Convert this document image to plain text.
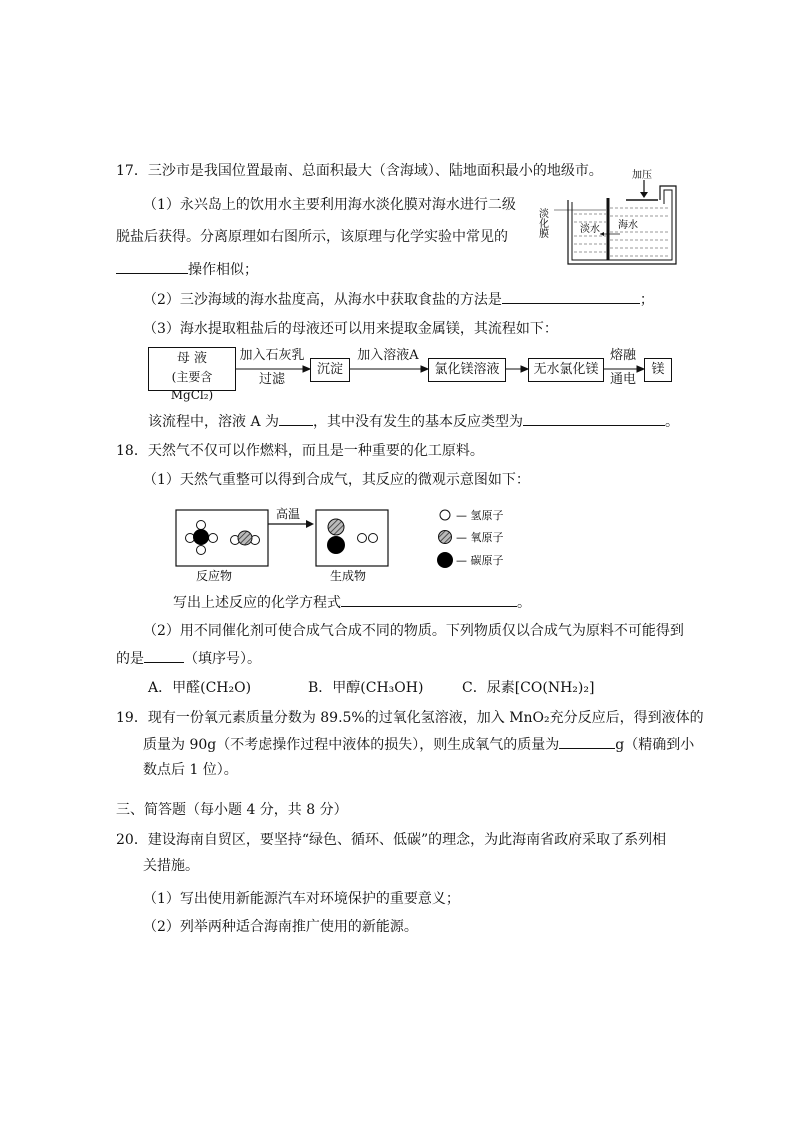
17．三沙市是我国位置最南、总面积最大（含海域）、陆地面积最小的地级市。	加压
淡水 海水
淡化膜
（1）永兴岛上的饮用水主要利用海水淡化膜对海水进行二级
脱盐后获得。分离原理如右图所示，该原理与化学实验中常见的
操作相似；
（2）三沙海域的海水盐度高，从海水中获取食盐的方法是	；
（3）海水提取粗盐后的母液还可以用来提取金属镁，其流程如下：
母 液
(主要含 MgCl₂)
加入石灰乳
过滤
沉淀
加入溶液A
氯化镁溶液	无水氯化镁
熔融
通电
镁
该流程中，溶液 A 为 ，其中没有发生的基本反应类型为	。
18．天然气不仅可以作燃料，而且是一种重要的化工原料。
（1）天然气重整可以得到合成气，其反应的微观示意图如下：
高温
反应物	生成物
— 氢原子
— 氧原子
— 碳原子
写出上述反应的化学方程式	。
（2）用不同催化剂可使合成气合成不同的物质。下列物质仅以合成气为原料不可能得到
的是	（填序号）。
A．甲醛(CH₂O)	B．甲醇(CH₃OH)	C．尿素[CO(NH₂)₂]
19．现有一份氧元素质量分数为 89.5%的过氧化氢溶液，加入 MnO₂充分反应后，得到液体的
质量为 90g（不考虑操作过程中液体的损失），则生成氧气的质量为	g（精确到小
数点后 1 位）。
三、简答题（每小题 4 分，共 8 分）
20．建设海南自贸区，要坚持“绿色、循环、低碳”的理念，为此海南省政府采取了系列相
关措施。
（1）写出使用新能源汽车对环境保护的重要意义；
（2）列举两种适合海南推广使用的新能源。
